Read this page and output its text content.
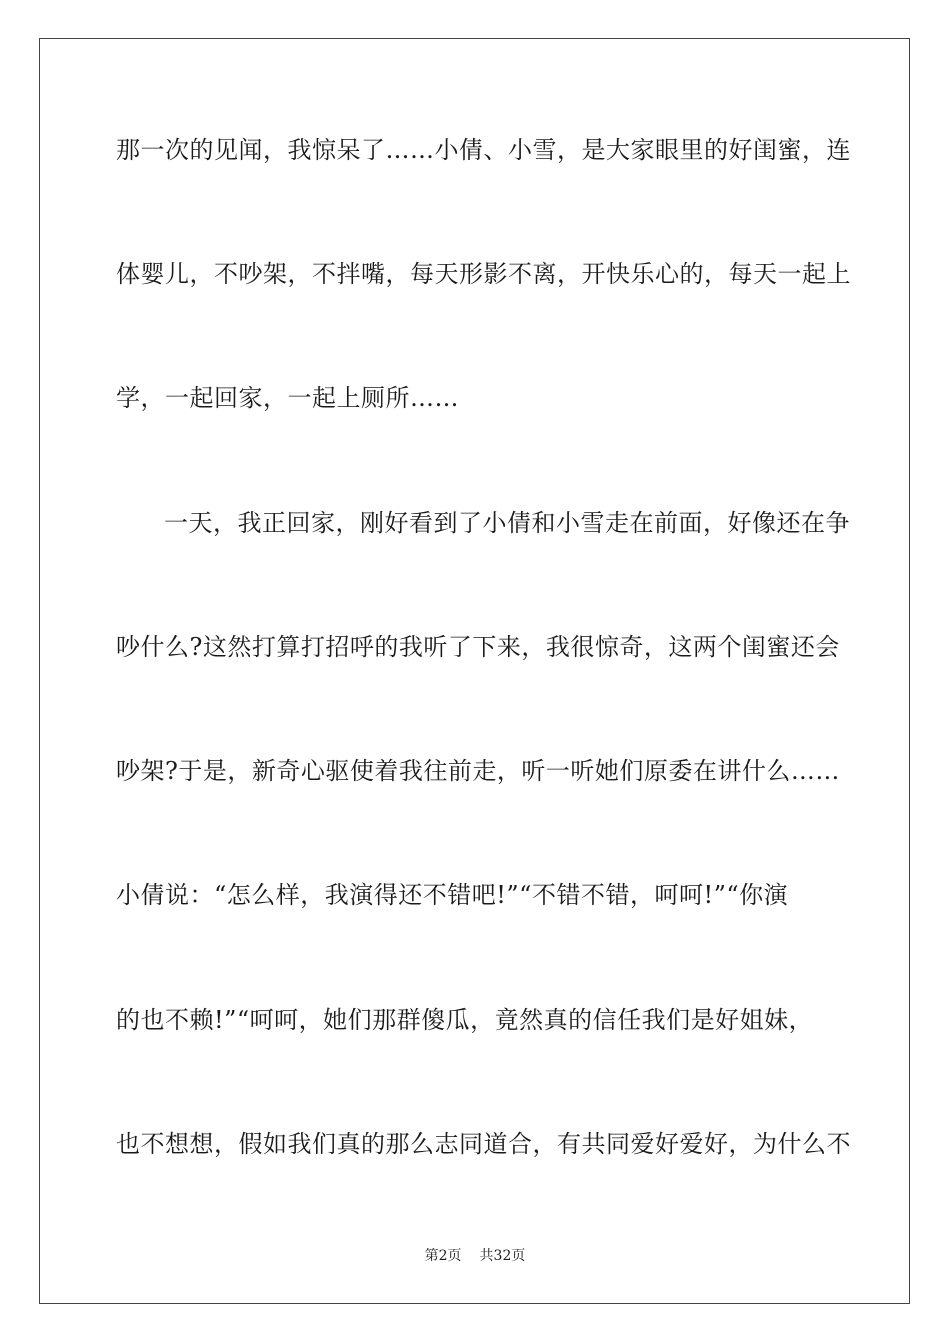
那一次的见闻，我惊呆了……小倩、小雪，是大家眼里的好闺蜜，连
体婴儿，不吵架，不拌嘴，每天形影不离，开快乐心的，每天一起上
学，一起回家，一起上厕所……
一天，我正回家，刚好看到了小倩和小雪走在前面，好像还在争
吵什么?这然打算打招呼的我听了下来，我很惊奇，这两个闺蜜还会
吵架?于是，新奇心驱使着我往前走，听一听她们原委在讲什么……
小倩说：“怎么样，我演得还不错吧!”“不错不错，呵呵!”“你演
的也不赖!”“呵呵，她们那群傻瓜，竟然真的信任我们是好姐妹，
也不想想，假如我们真的那么志同道合，有共同爱好爱好，为什么不
第2页 共32页
